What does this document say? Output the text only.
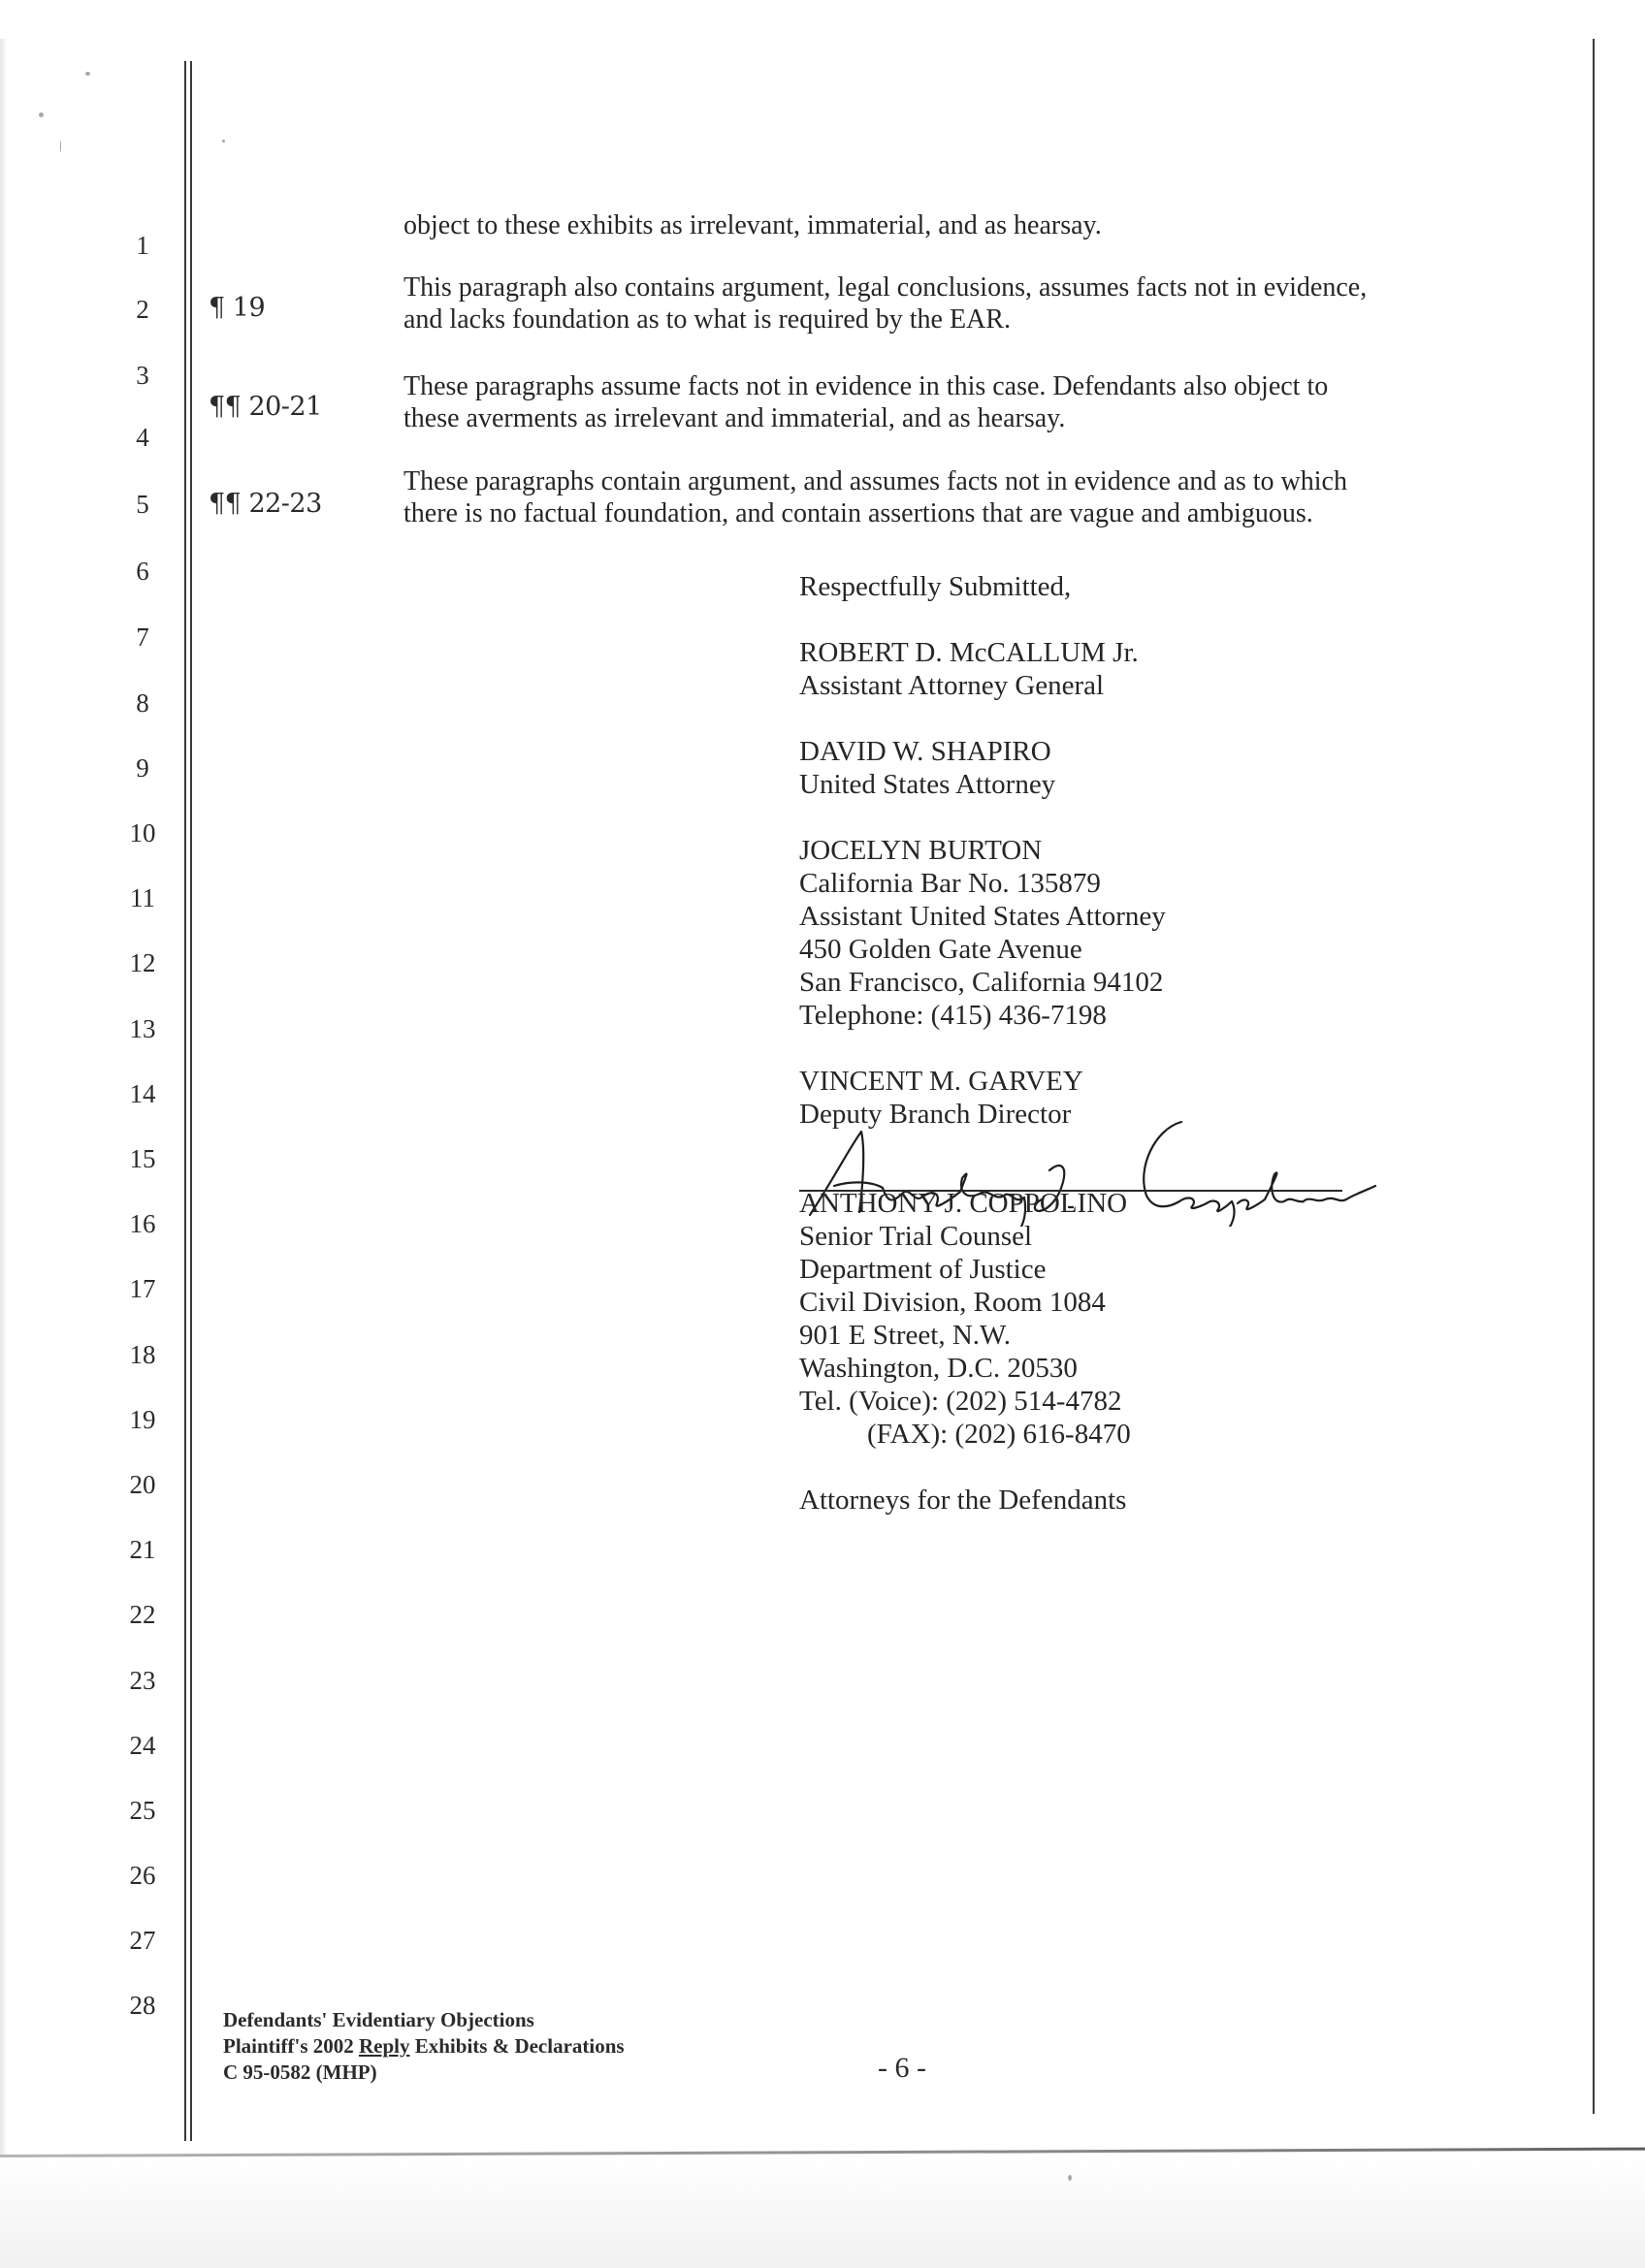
1
2
3
4
5
6
7
8
9
10
11
12
13
14
15
16
17
18
19
20
21
22
23
24
25
26
27
28
object to these exhibits as irrelevant, immaterial, and as hearsay.
¶ 19
This paragraph also contains argument, legal conclusions, assumes facts not in evidence,
and lacks foundation as to what is required by the EAR.
¶¶ 20-21
These paragraphs assume facts not in evidence in this case. Defendants also object to
these averments as irrelevant and immaterial, and as hearsay.
¶¶ 22-23
These paragraphs contain argument, and assumes facts not in evidence and as to which
there is no factual foundation, and contain assertions that are vague and ambiguous.
Respectfully Submitted,
ROBERT D. McCALLUM Jr.
Assistant Attorney General
DAVID W. SHAPIRO
United States Attorney
JOCELYN BURTON
California Bar No. 135879
Assistant United States Attorney
450 Golden Gate Avenue
San Francisco, California 94102
Telephone: (415) 436-7198
VINCENT M. GARVEY
Deputy Branch Director
ANTHONY J. COPPOLINO
Senior Trial Counsel
Department of Justice
Civil Division, Room 1084
901 E Street, N.W.
Washington, D.C. 20530
Tel. (Voice): (202) 514-4782
(FAX): (202) 616-8470
Attorneys for the Defendants
Defendants' Evidentiary Objections
Plaintiff's 2002 Reply Exhibits & Declarations
C 95-0582 (MHP)	- 6 -
